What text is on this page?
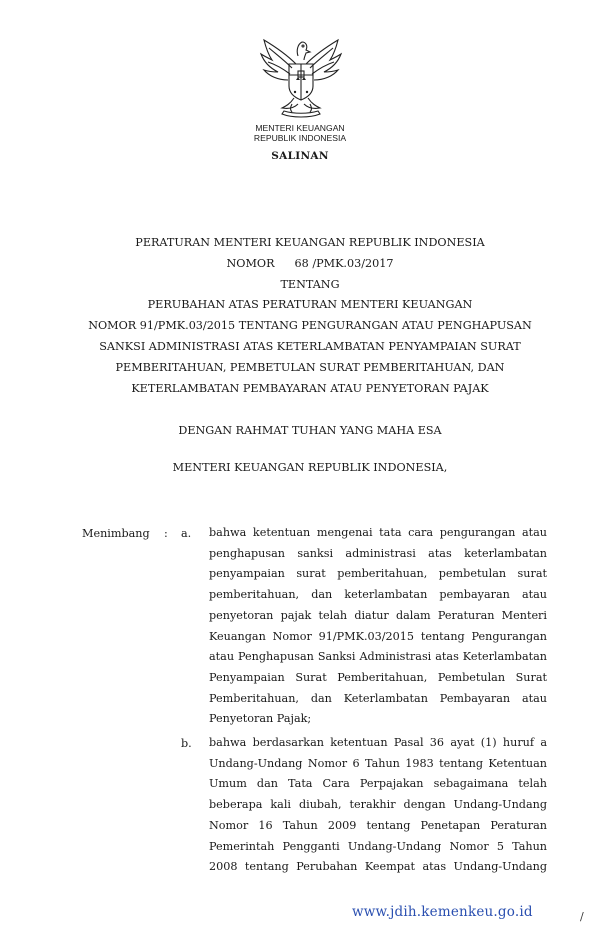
MENTERI KEUANGAN
REPUBLIK INDONESIA
SALINAN
PERATURAN MENTERI KEUANGAN REPUBLIK INDONESIA
NOMOR 68 /PMK.03/2017
TENTANG
PERUBAHAN ATAS PERATURAN MENTERI KEUANGAN
NOMOR 91/PMK.03/2015 TENTANG PENGURANGAN ATAU PENGHAPUSAN
SANKSI ADMINISTRASI ATAS KETERLAMBATAN PENYAMPAIAN SURAT
PEMBERITAHUAN, PEMBETULAN SURAT PEMBERITAHUAN, DAN
KETERLAMBATAN PEMBAYARAN ATAU PENYETORAN PAJAK
DENGAN RAHMAT TUHAN YANG MAHA ESA
MENTERI KEUANGAN REPUBLIK INDONESIA,
Menimbang : a. bahwa ketentuan mengenai tata cara pengurangan atau penghapusan sanksi administrasi atas keterlambatan penyampaian surat pemberitahuan, pembetulan surat pemberitahuan, dan keterlambatan pembayaran atau penyetoran pajak telah diatur dalam Peraturan Menteri Keuangan Nomor 91/PMK.03/2015 tentang Pengurangan atau Penghapusan Sanksi Administrasi atas Keterlambatan Penyampaian Surat Pemberitahuan, Pembetulan Surat Pemberitahuan, dan Keterlambatan Pembayaran atau Penyetoran Pajak;

b. bahwa berdasarkan ketentuan Pasal 36 ayat (1) huruf a Undang-Undang Nomor 6 Tahun 1983 tentang Ketentuan Umum dan Tata Cara Perpajakan sebagaimana telah beberapa kali diubah, terakhir dengan Undang-Undang Nomor 16 Tahun 2009 tentang Penetapan Peraturan Pemerintah Pengganti Undang-Undang Nomor 5 Tahun 2008 tentang Perubahan Keempat atas Undang-Undang

www.jdih.kemenkeu.go.id	/
